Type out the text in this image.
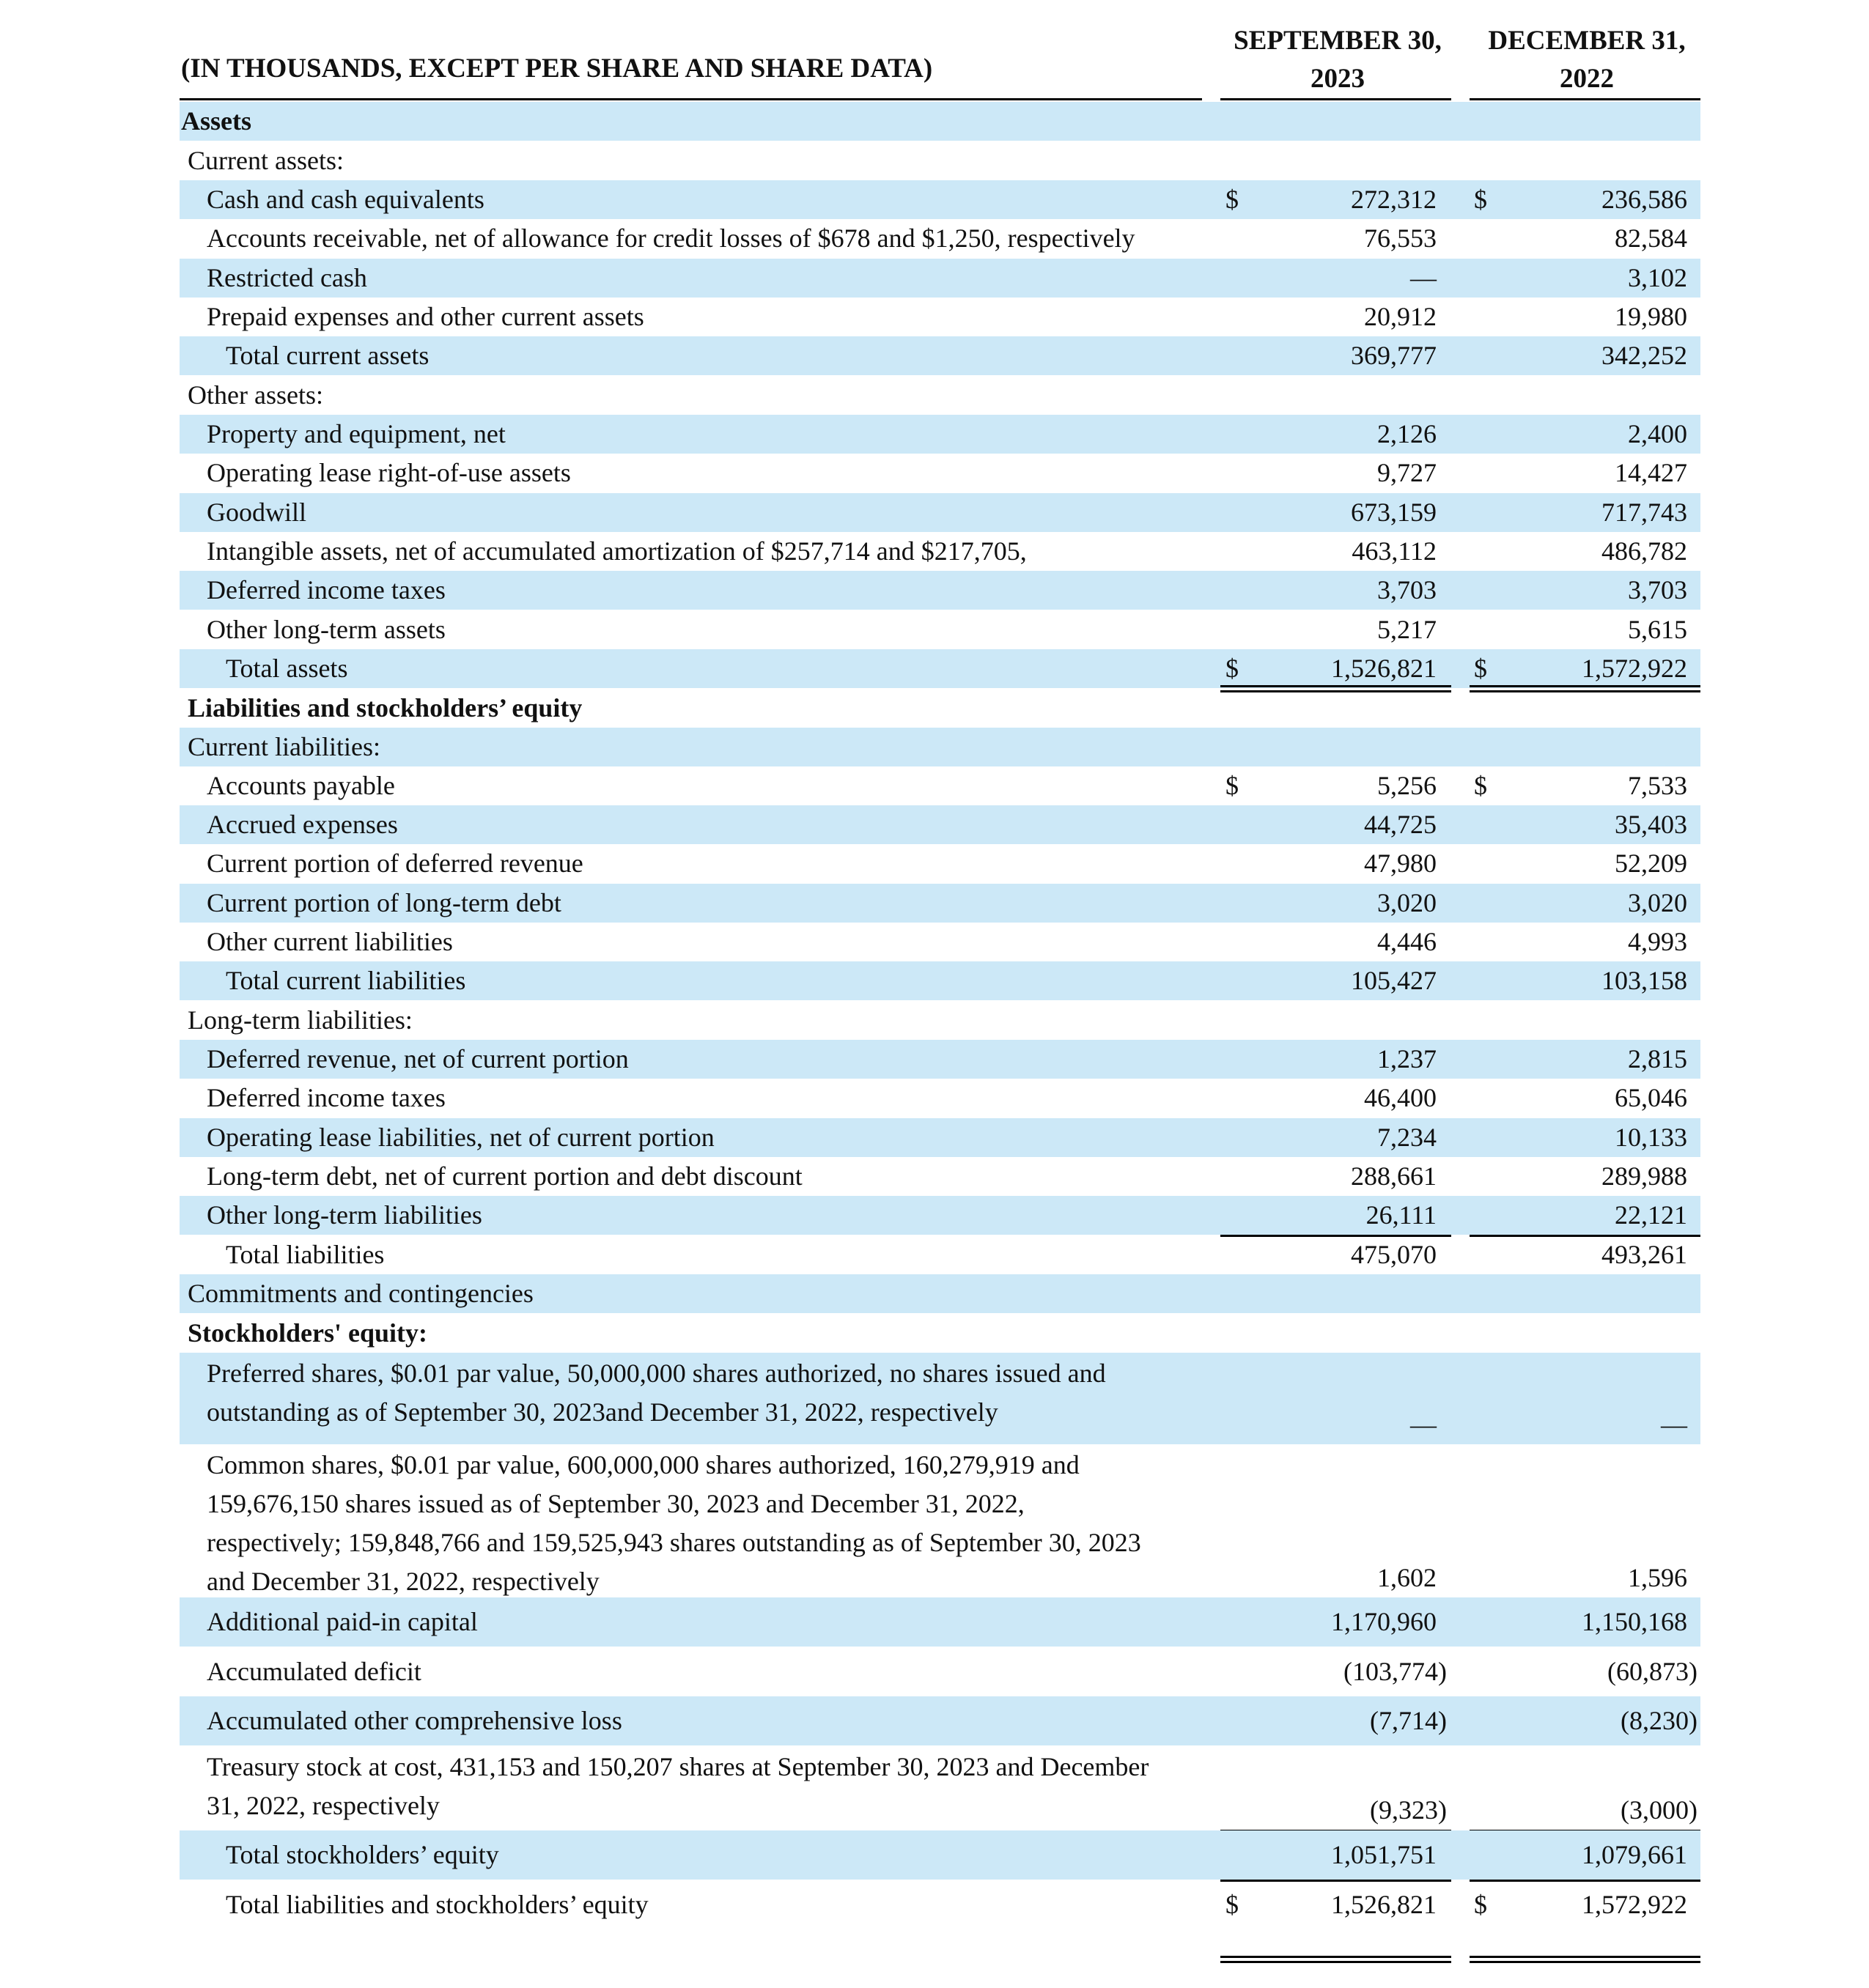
(IN THOUSANDS, EXCEPT PER SHARE AND SHARE DATA)
SEPTEMBER 30,
2023
DECEMBER 31,
2022
Assets
Current assets:
Cash and cash equivalents	$	272,312 $	236,586
Accounts receivable, net of allowance for credit losses of $678 and $1,250, respectively	76,553	82,584
Restricted cash	—	3,102
Prepaid expenses and other current assets	20,912	19,980
Total current assets	369,777	342,252
Other assets:
Property and equipment, net	2,126	2,400
Operating lease right-of-use assets	9,727	14,427
Goodwill	673,159	717,743
Intangible assets, net of accumulated amortization of $257,714 and $217,705,	463,112	486,782
Deferred income taxes	3,703	3,703
Other long-term assets	5,217	5,615
Total assets	$	1,526,821 $	1,572,922
Liabilities and stockholders’ equity
Current liabilities:
Accounts payable	$	5,256 $	7,533
Accrued expenses	44,725	35,403
Current portion of deferred revenue	47,980	52,209
Current portion of long-term debt	3,020	3,020
Other current liabilities	4,446	4,993
Total current liabilities	105,427	103,158
Long-term liabilities:
Deferred revenue, net of current portion	1,237	2,815
Deferred income taxes	46,400	65,046
Operating lease liabilities, net of current portion	7,234	10,133
Long-term debt, net of current portion and debt discount	288,661	289,988
Other long-term liabilities	26,111	22,121
Total liabilities	475,070	493,261
Commitments and contingencies
Stockholders' equity:
Preferred shares, $0.01 par value, 50,000,000 shares authorized, no shares issued and
outstanding as of September 30, 2023and December 31, 2022, respectively	—	—
Common shares, $0.01 par value, 600,000,000 shares authorized, 160,279,919 and
159,676,150 shares issued as of September 30, 2023 and December 31, 2022,
respectively; 159,848,766 and 159,525,943 shares outstanding as of September 30, 2023
and December 31, 2022, respectively	1,602	1,596
Additional paid-in capital	1,170,960	1,150,168
Accumulated deficit	(103,774)	(60,873)
Accumulated other comprehensive loss	(7,714)	(8,230)
Treasury stock at cost, 431,153 and 150,207 shares at September 30, 2023 and December
31, 2022, respectively	(9,323)	(3,000)
Total stockholders’ equity	1,051,751	1,079,661
Total liabilities and stockholders’ equity	$	1,526,821 $	1,572,922
